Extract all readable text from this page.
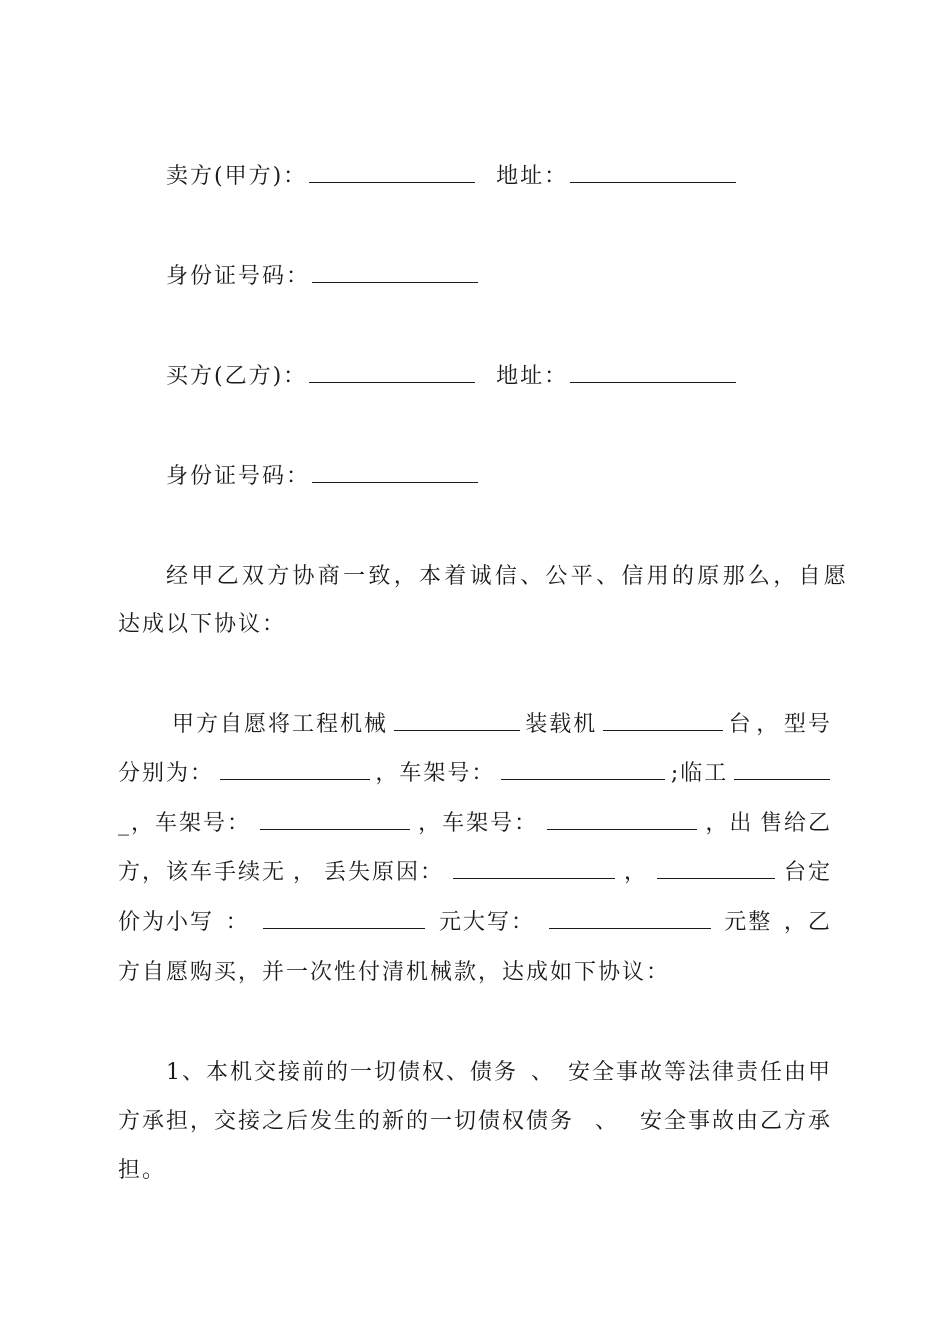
卖方(甲方)：	地址：
身份证号码：
买方(乙方)：	地址：
身份证号码：
经甲乙双方协商一致，本着诚信、公平、信用的原那么，自愿
达成以下协议：
甲方自愿将工程机械	装载机	台 ， 型号
分别为：	，车架号：	;临工
_，车架号：	，车架号：	，出 售给乙
方，该车手续无 ， 丢失原因：	，	台定
价为小写 ：	元大写：	元整 ，乙
方自愿购买，并一次性付清机械款，达成如下协议：
1、本机交接前的一切债权、债务 、 安全事故等法律责任由甲
方承担，交接之后发生的新的一切债权债务 、 安全事故由乙方承
担。
